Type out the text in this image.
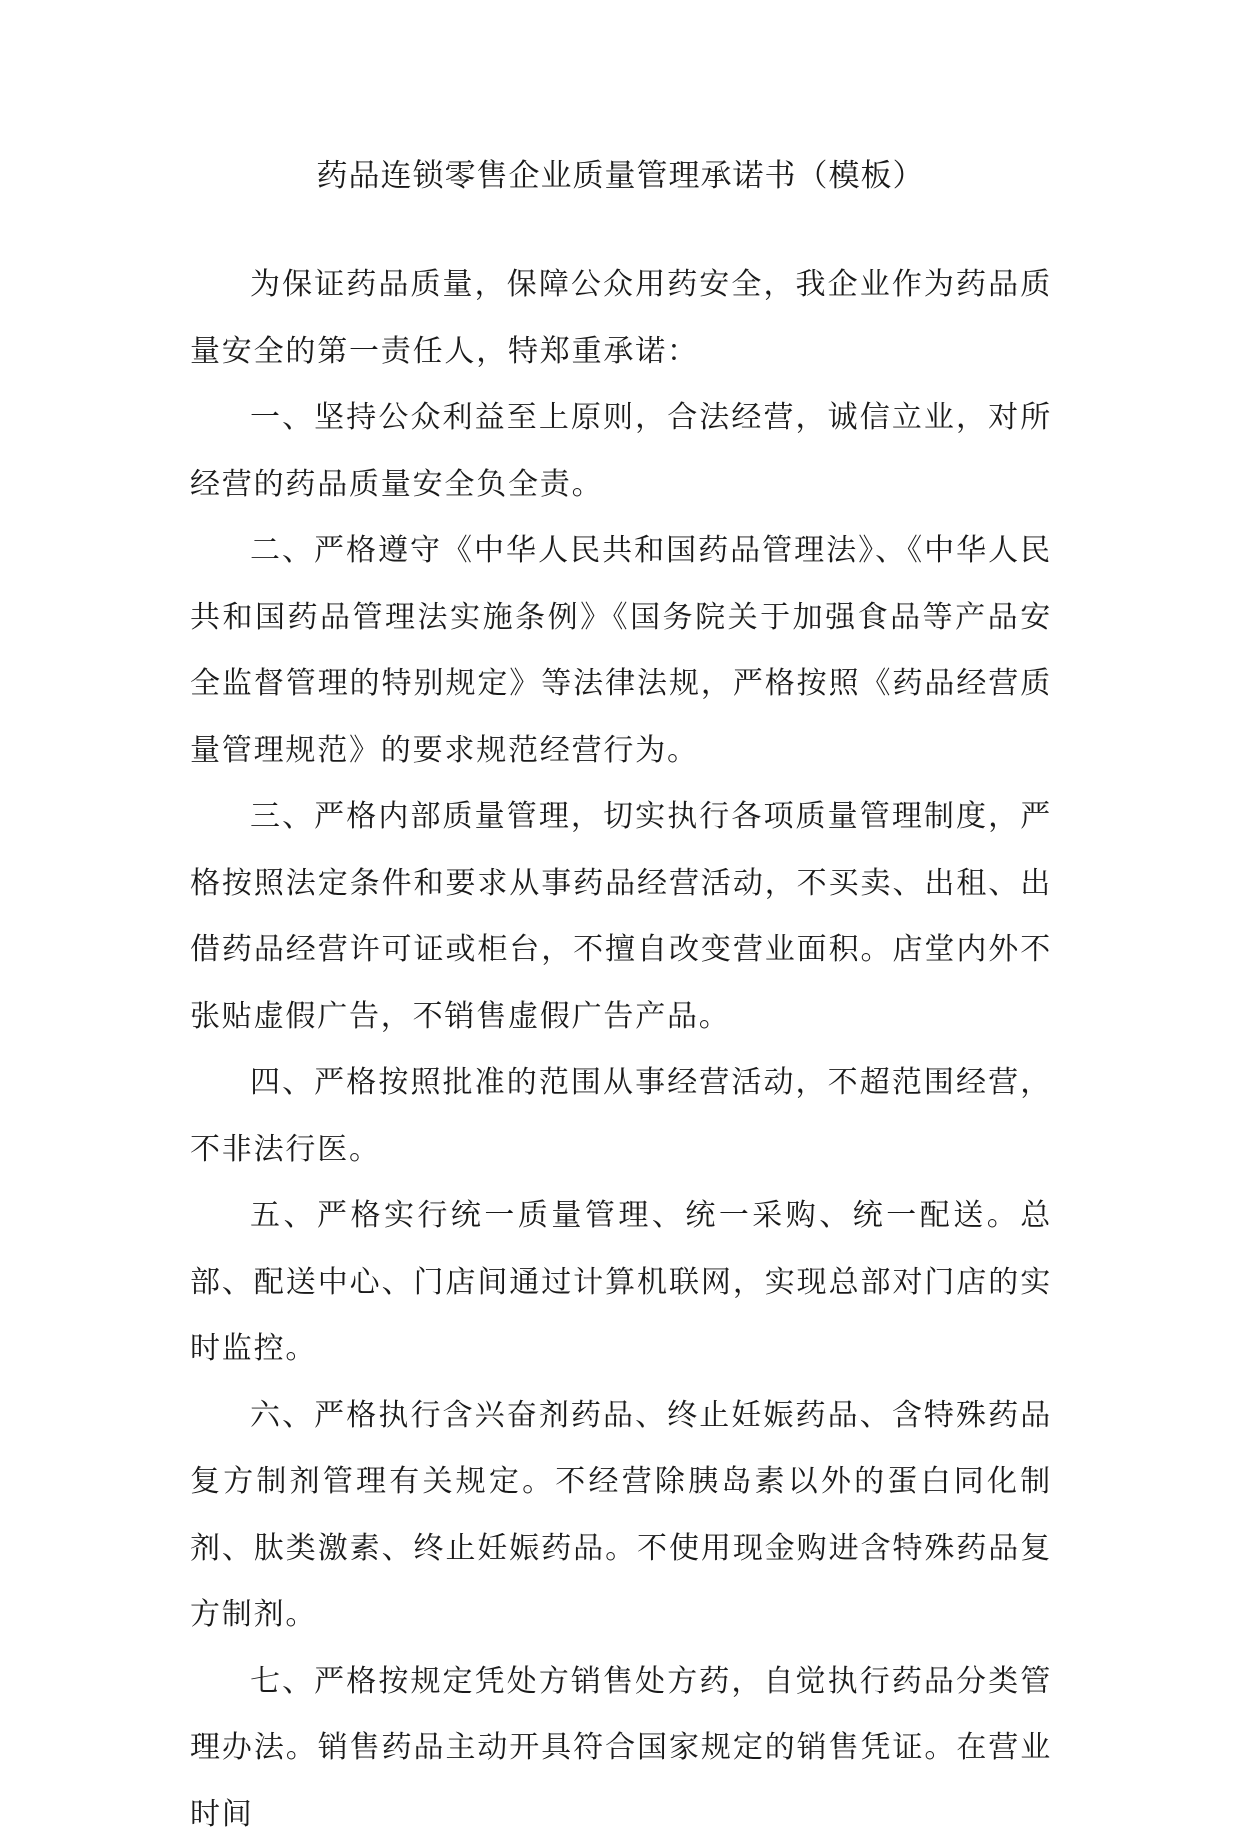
药品连锁零售企业质量管理承诺书（模板）

为保证药品质量，保障公众用药安全，我企业作为药品质量安全的第一责任人，特郑重承诺：

一、坚持公众利益至上原则，合法经营，诚信立业，对所经营的药品质量安全负全责。

二、严格遵守《中华人民共和国药品管理法》、《中华人民共和国药品管理法实施条例》《国务院关于加强食品等产品安全监督管理的特别规定》等法律法规，严格按照《药品经营质量管理规范》的要求规范经营行为。

三、严格内部质量管理，切实执行各项质量管理制度，严格按照法定条件和要求从事药品经营活动，不买卖、出租、出借药品经营许可证或柜台，不擅自改变营业面积。店堂内外不张贴虚假广告，不销售虚假广告产品。

四、严格按照批准的范围从事经营活动，不超范围经营，不非法行医。

五、严格实行统一质量管理、统一采购、统一配送。总部、配送中心、门店间通过计算机联网，实现总部对门店的实时监控。

六、严格执行含兴奋剂药品、终止妊娠药品、含特殊药品复方制剂管理有关规定。不经营除胰岛素以外的蛋白同化制剂、肽类激素、终止妊娠药品。不使用现金购进含特殊药品复方制剂。

七、严格按规定凭处方销售处方药，自觉执行药品分类管理办法。销售药品主动开具符合国家规定的销售凭证。在营业时间
